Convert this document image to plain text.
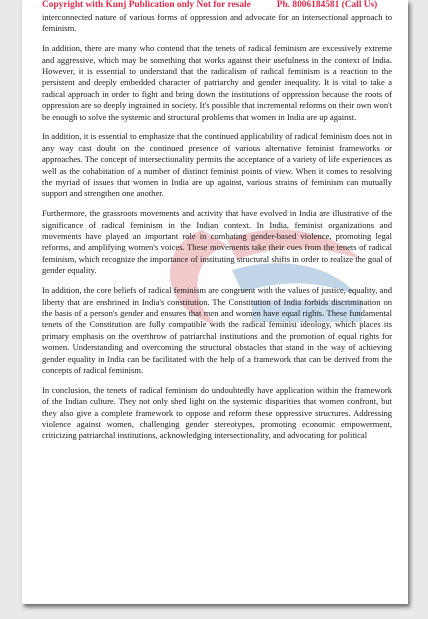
Copyright with Kunj Publication only Not for resale	Ph. 8006184581 (Call Us)

interconnected nature of various forms of oppression and advocate for an intersectional approach to feminism.

In addition, there are many who contend that the tenets of radical feminism are excessively extreme and aggressive, which may be something that works against their usefulness in the context of India. However, it is essential to understand that the radicalism of radical feminism is a reaction to the persistent and deeply embedded character of patriarchy and gender inequality. It is vital to take a radical approach in order to fight and bring down the institutions of oppression because the roots of oppression are so deeply ingrained in society. It's possible that incremental reforms on their own won't be enough to solve the systemic and structural problems that women in India are up against.

In addition, it is essential to emphasize that the continued applicability of radical feminism does not in any way cast doubt on the continued presence of various alternative feminist frameworks or approaches. The concept of intersectionality permits the acceptance of a variety of life experiences as well as the cohabitation of a number of distinct feminist points of view. When it comes to resolving the myriad of issues that women in India are up against, various strains of feminism can mutually support and strengthen one another.

Furthermore, the grassroots movements and activity that have evolved in India are illustrative of the significance of radical feminism in the Indian context. In India, feminist organizations and movements have played an important role in combating gender-based violence, promoting legal reforms, and amplifying women's voices. These movements take their cues from the tenets of radical feminism, which recognize the importance of instituting structural shifts in order to realize the goal of gender equality.

In addition, the core beliefs of radical feminism are congruent with the values of justice, equality, and liberty that are enshrined in India's constitution. The Constitution of India forbids discrimination on the basis of a person's gender and ensures that men and women have equal rights. These fundamental tenets of the Constitution are fully compatible with the radical feminist ideology, which places its primary emphasis on the overthrow of patriarchal institutions and the promotion of equal rights for women. Understanding and overcoming the structural obstacles that stand in the way of achieving gender equality in India can be facilitated with the help of a framework that can be derived from the concepts of radical feminism.

In conclusion, the tenets of radical feminism do undoubtedly have application within the framework of the Indian culture. They not only shed light on the systemic disparities that women confront, but they also give a complete framework to oppose and reform these oppressive structures. Addressing violence against women, challenging gender stereotypes, promoting economic empowerment, criticizing patriarchal institutions, acknowledging intersectionality, and advocating for political
